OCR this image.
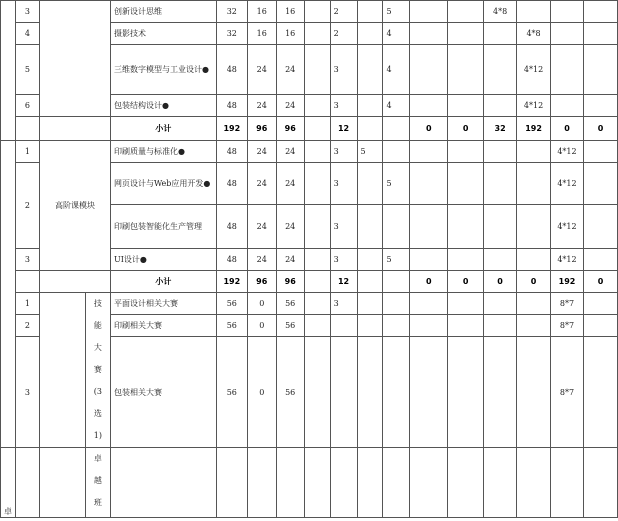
	3			创新设计思维	32	16	16		2		5			4*8			
	4			摄影技术	32	16	16		2		4				4*8		
	5			三维数字模型与工业设计●	48	24	24		3		4				4*12		
	6			包装结构设计●	48	24	24		3		4				4*12		
				小计	192	96	96		12			0	0	32	192	0	0
	1	高阶课模块		印刷质量与标准化●	48	24	24		3	5						4*12	
	2			网页设计与Web应用开发●	48	24	24		3		5					4*12	
				印刷包装智能化生产管理	48	24	24		3							4*12	
	3			UI设计●	48	24	24		3		5					4*12	
				小计	192	96	96		12			0	0	0	0	192	0
	1		技能大赛(3选1)	平面设计相关大赛	56	0	56		3							8*7	
	2			印刷相关大赛	56	0	56									8*7	
	3			包装相关大赛	56	0	56									8*7	
卓			卓越班														
